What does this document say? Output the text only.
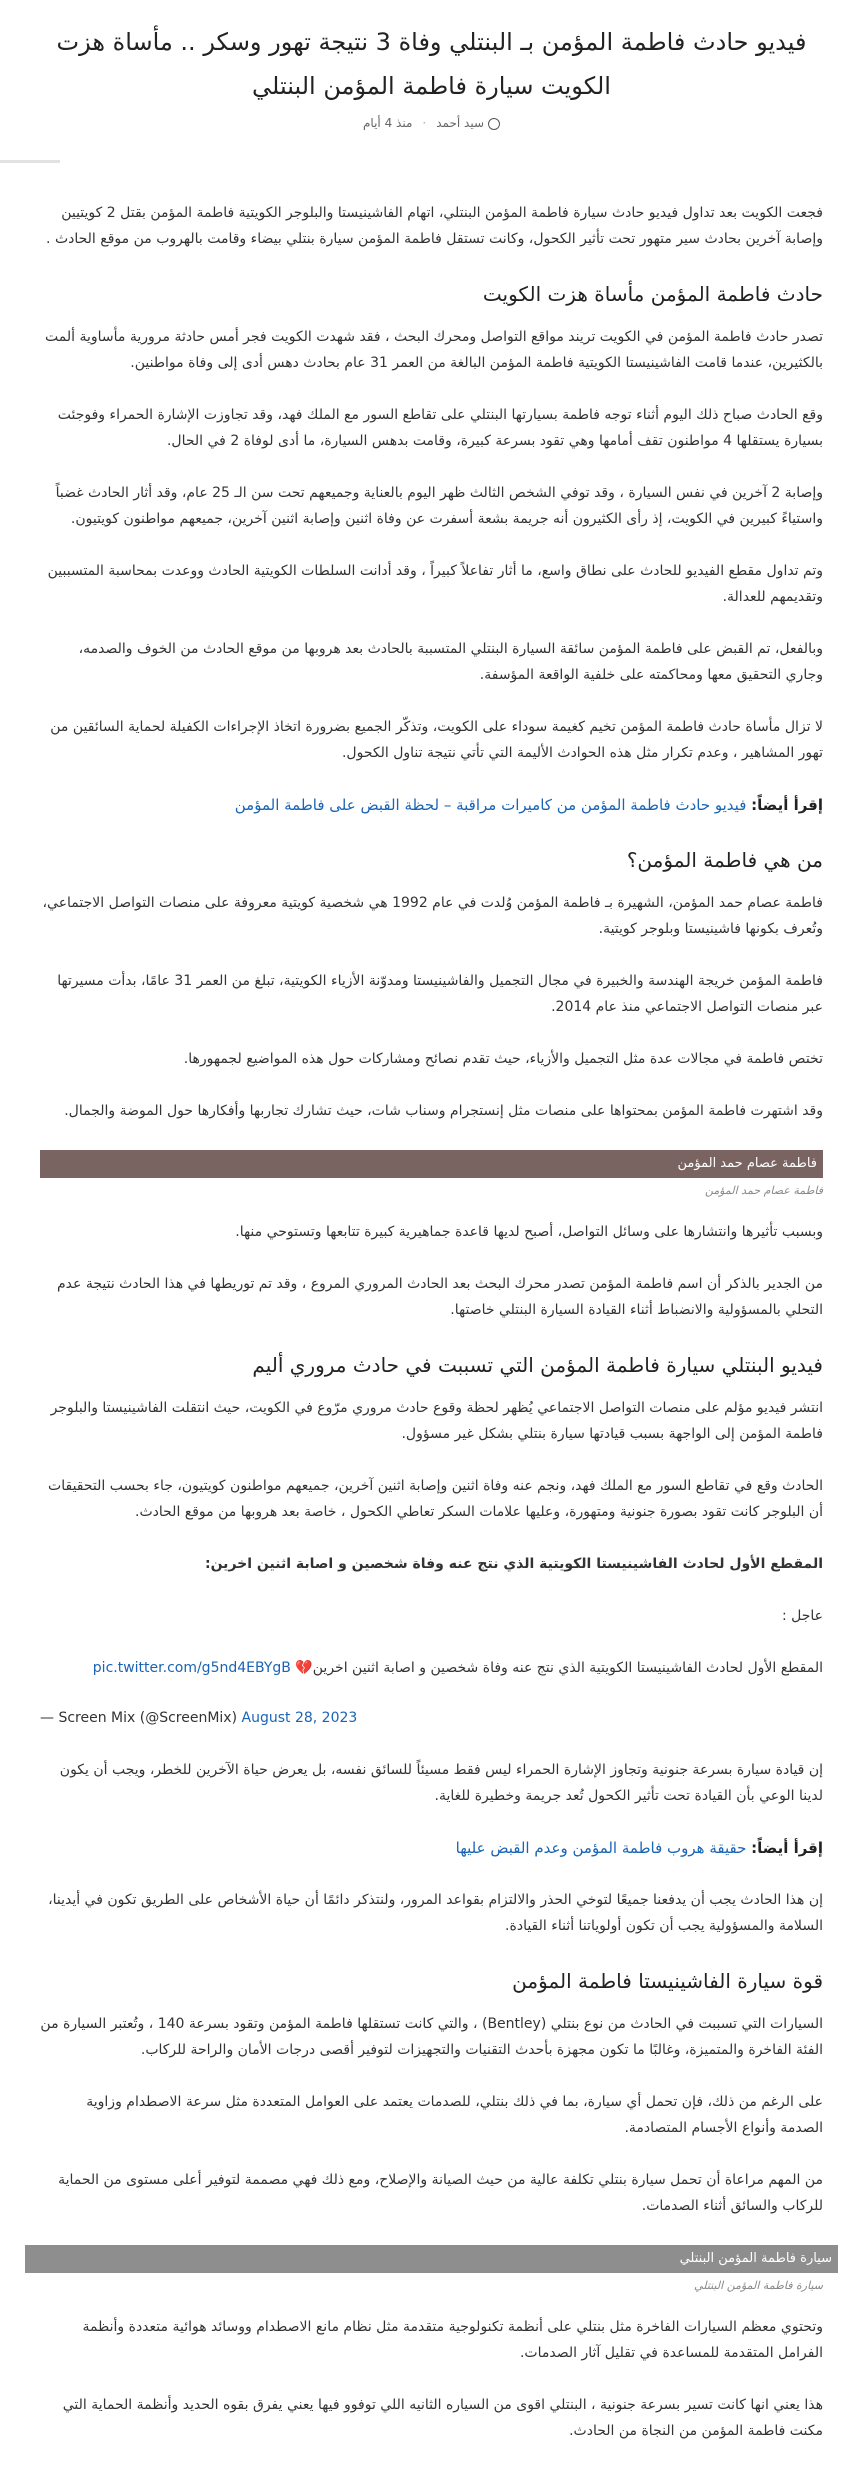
فيديو حادث فاطمة المؤمن بـ البنتلي وفاة 3 نتيجة تهور وسكر .. مأساة هزت الكويت سيارة فاطمة المؤمن البنتلي
سيد أحمد
·
منذ 4 أيام

فجعت الكويت بعد تداول فيديو حادث سيارة فاطمة المؤمن البنتلي، اتهام الفاشينيستا والبلوجر الكويتية فاطمة المؤمن بقتل 2 كويتيين وإصابة آخرين بحادث سير متهور تحت تأثير الكحول، وكانت تستقل فاطمة المؤمن سيارة بنتلي بيضاء وقامت بالهروب من موقع الحادث .

حادث فاطمة المؤمن مأساة هزت الكويت

تصدر حادث فاطمة المؤمن في الكويت تريند مواقع التواصل ومحرك البحث ، فقد شهدت الكويت فجر أمس حادثة مرورية مأساوية ألمت بالكثيرين، عندما قامت الفاشينيستا الكويتية فاطمة المؤمن البالغة من العمر 31 عام بحادث دهس أدى إلى وفاة مواطنين.

وقع الحادث صباح ذلك اليوم أثناء توجه فاطمة بسيارتها البنتلي على تقاطع السور مع الملك فهد، وقد تجاوزت الإشارة الحمراء وفوجئت بسيارة يستقلها 4 مواطنون تقف أمامها وهي تقود بسرعة كبيرة، وقامت بدهس السيارة، ما أدى لوفاة 2 في الحال.

وإصابة 2 آخرين في نفس السيارة ، وقد توفي الشخص الثالث ظهر اليوم بالعناية وجميعهم تحت سن الـ 25 عام، وقد أثار الحادث غضباً واستياءً كبيرين في الكويت، إذ رأى الكثيرون أنه جريمة بشعة أسفرت عن وفاة اثنين وإصابة اثنين آخرين، جميعهم مواطنون كويتيون.

وتم تداول مقطع الفيديو للحادث على نطاق واسع، ما أثار تفاعلاً كبيراً ، وقد أدانت السلطات الكويتية الحادث ووعدت بمحاسبة المتسببين وتقديمهم للعدالة.

وبالفعل، تم القبض على فاطمة المؤمن سائقة السيارة البنتلي المتسببة بالحادث بعد هروبها من موقع الحادث من الخوف والصدمه، وجاري التحقيق معها ومحاكمته على خلفية الواقعة المؤسفة.

لا تزال مأساة حادث فاطمة المؤمن تخيم كغيمة سوداء على الكويت، وتذكّر الجميع بضرورة اتخاذ الإجراءات الكفيلة لحماية السائقين من تهور المشاهير ، وعدم تكرار مثل هذه الحوادث الأليمة التي تأتي نتيجة تناول الكحول.

إقرأ أيضاً: فيديو حادث فاطمة المؤمن من كاميرات مراقبة – لحظة القبض على فاطمة المؤمن

من هي فاطمة المؤمن؟

فاطمة عصام حمد المؤمن، الشهيرة بـ فاطمة المؤمن وُلدت في عام 1992 هي شخصية كويتية معروفة على منصات التواصل الاجتماعي، وتُعرف بكونها فاشينيستا وبلوجر كويتية.

فاطمة المؤمن خريجة الهندسة والخبيرة في مجال التجميل والفاشينيستا ومدوّنة الأزياء الكويتية، تبلغ من العمر 31 عامًا، بدأت مسيرتها عبر منصات التواصل الاجتماعي منذ عام 2014.

تختص فاطمة في مجالات عدة مثل التجميل والأزياء، حيث تقدم نصائح ومشاركات حول هذه المواضيع لجمهورها.

وقد اشتهرت فاطمة المؤمن بمحتواها على منصات مثل إنستجرام وسناب شات، حيث تشارك تجاربها وأفكارها حول الموضة والجمال.

فاطمة عصام حمد المؤمن
فاطمة عصام حمد المؤمن

وبسبب تأثيرها وانتشارها على وسائل التواصل، أصبح لديها قاعدة جماهيرية كبيرة تتابعها وتستوحي منها.

من الجدير بالذكر أن اسم فاطمة المؤمن تصدر محرك البحث بعد الحادث المروري المروع ، وقد تم توريطها في هذا الحادث نتيجة عدم التحلي بالمسؤولية والانضباط أثناء القيادة السيارة البنتلي خاصتها.

فيديو البنتلي سيارة فاطمة المؤمن التي تسببت في حادث مروري أليم

انتشر فيديو مؤلم على منصات التواصل الاجتماعي يُظهر لحظة وقوع حادث مروري مرّوع في الكويت، حيث انتقلت الفاشينيستا والبلوجر فاطمة المؤمن إلى الواجهة بسبب قيادتها سيارة بنتلي بشكل غير مسؤول.

الحادث وقع في تقاطع السور مع الملك فهد، ونجم عنه وفاة اثنين وإصابة اثنين آخرين، جميعهم مواطنون كويتيون، جاء بحسب التحقيقات أن البلوجر كانت تقود بصورة جنونية ومتهورة، وعليها علامات السكر تعاطي الكحول ، خاصة بعد هروبها من موقع الحادث.

المقطع الأول لحادث الفاشينيستا الكويتية الذي نتج عنه وفاة شخصين و اصابة اثنين اخرين:

عاجل :

المقطع الأول لحادث الفاشينيستا الكويتية الذي نتج عنه وفاة شخصين و اصابة اثنين اخرين💔 pic.twitter.com/g5nd4EBYgB

— Screen Mix (@ScreenMix) August 28, 2023

إن قيادة سيارة بسرعة جنونية وتجاوز الإشارة الحمراء ليس فقط مسيئاً للسائق نفسه، بل يعرض حياة الآخرين للخطر، ويجب أن يكون لدينا الوعي بأن القيادة تحت تأثير الكحول تُعد جريمة وخطيرة للغاية.

إقرأ أيضاً: حقيقة هروب فاطمة المؤمن وعدم القبض عليها

إن هذا الحادث يجب أن يدفعنا جميعًا لتوخي الحذر والالتزام بقواعد المرور، ولنتذكر دائمًا أن حياة الأشخاص على الطريق تكون في أيدينا، السلامة والمسؤولية يجب أن تكون أولوياتنا أثناء القيادة.

قوة سيارة الفاشينيستا فاطمة المؤمن

السيارات التي تسببت في الحادث من نوع بنتلي (Bentley) ، والتي كانت تستقلها فاطمة المؤمن وتقود بسرعة 140 ، وتُعتبر السيارة من الفئة الفاخرة والمتميزة، وغالبًا ما تكون مجهزة بأحدث التقنيات والتجهيزات لتوفير أقصى درجات الأمان والراحة للركاب.

على الرغم من ذلك، فإن تحمل أي سيارة، بما في ذلك بنتلي، للصدمات يعتمد على العوامل المتعددة مثل سرعة الاصطدام وزاوية الصدمة وأنواع الأجسام المتصادمة.

من المهم مراعاة أن تحمل سيارة بنتلي تكلفة عالية من حيث الصيانة والإصلاح، ومع ذلك فهي مصممة لتوفير أعلى مستوى من الحماية للركاب والسائق أثناء الصدمات.

سيارة فاطمة المؤمن البنتلي
سيارة فاطمة المؤمن البنتلي

وتحتوي معظم السيارات الفاخرة مثل بنتلي على أنظمة تكنولوجية متقدمة مثل نظام مانع الاصطدام ووسائد هوائية متعددة وأنظمة الفرامل المتقدمة للمساعدة في تقليل آثار الصدمات.

هذا يعني انها كانت تسير بسرعة جنونية ، البنتلي اقوى من السياره الثانيه اللي توفوو فيها يعني يفرق بقوه الحديد وأنظمة الحماية التي مكنت فاطمة المؤمن من النجاة من الحادث.
